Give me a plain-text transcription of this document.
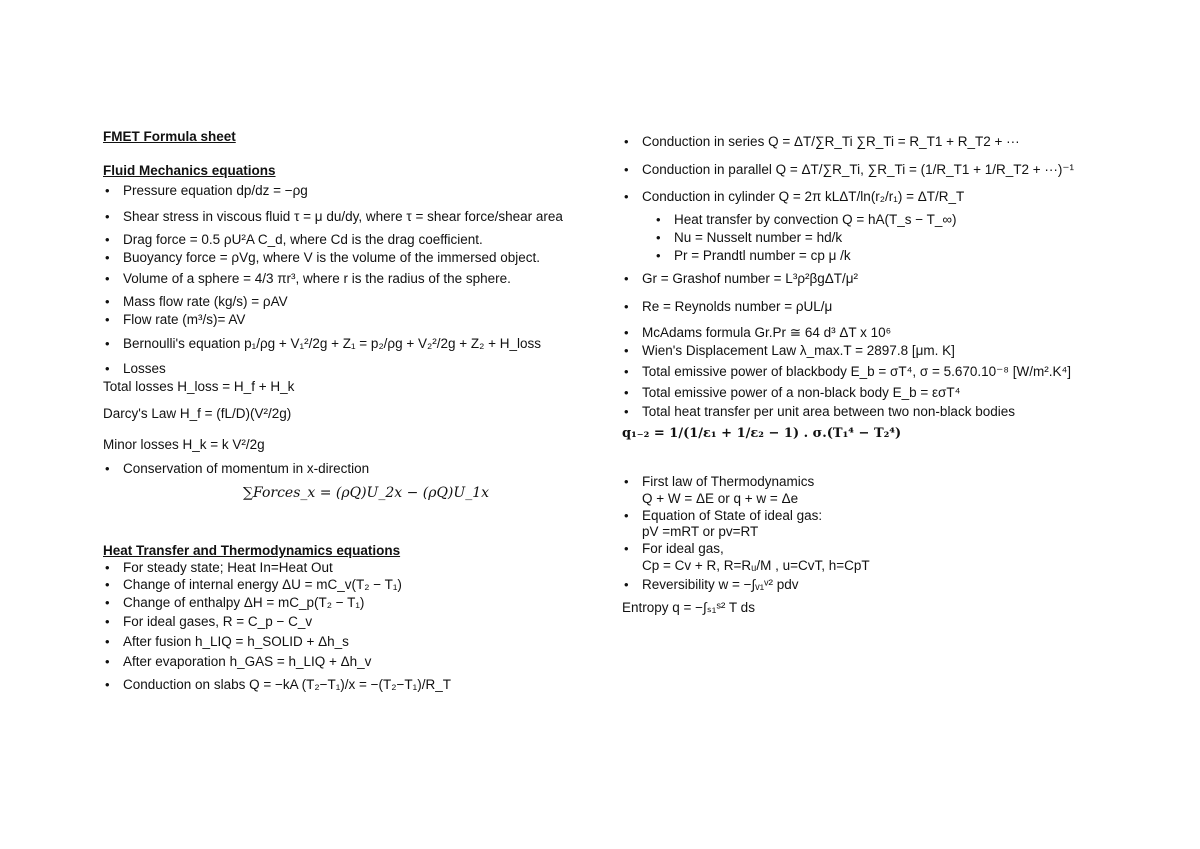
FMET Formula sheet
Fluid Mechanics equations
• Pressure equation dp/dz = −ρg
• Shear stress in viscous fluid τ = μ du/dy, where τ = shear force/shear area
• Drag force = 0.5 ρU²A C_d, where Cd is the drag coefficient.
• Buoyancy force = ρVg, where V is the volume of the immersed object.
• Volume of a sphere = 4/3 πr³, where r is the radius of the sphere.
• Mass flow rate (kg/s) = ρAV
• Flow rate (m³/s)= AV
• Bernoulli's equation p₁/ρg + V₁²/2g + Z₁ = p₂/ρg + V₂²/2g + Z₂ + H_loss
• Losses
Total losses H_loss = H_f + H_k
Darcy's Law H_f = (fL/D)(V²/2g)
Minor losses H_k = k V²/2g
• Conservation of momentum in x-direction
∑Forces_x = (ρQ)U_2x − (ρQ)U_1x
Heat Transfer and Thermodynamics equations
• For steady state; Heat In=Heat Out
• Change of internal energy ΔU = mC_v(T₂ − T₁)
• Change of enthalpy ΔH = mC_p(T₂ − T₁)
• For ideal gases, R = C_p − C_v
• After fusion h_LIQ = h_SOLID + Δh_s
• After evaporation h_GAS = h_LIQ + Δh_v
• Conduction on slabs Q = −kA (T₂−T₁)/x = −(T₂−T₁)/R_T
• Conduction in series Q = ΔT/∑R_Ti ∑R_Ti = R_T1 + R_T2 + ···
• Conduction in parallel Q = ΔT/∑R_Ti, ∑R_Ti = (1/R_T1 + 1/R_T2 + ···)⁻¹
• Conduction in cylinder Q = 2π kLΔT/ln(r₂/r₁) = ΔT/R_T
• Heat transfer by convection Q = hA(T_s − T_∞)
• Nu = Nusselt number = hd/k
• Pr = Prandtl number = cp μ /k
• Gr = Grashof number = L³ρ²βgΔT/μ²
• Re = Reynolds number = ρUL/μ
• McAdams formula Gr.Pr ≅ 64 d³ ΔT x 10⁶
• Wien's Displacement Law λ_max.T = 2897.8 [μm. K]
• Total emissive power of blackbody E_b = σT⁴, σ = 5.670.10⁻⁸ [W/m².K⁴]
• Total emissive power of a non-black body E_b = εσT⁴
• Total heat transfer per unit area between two non-black bodies
q₁₋₂ = 1/(1/ε₁ + 1/ε₂ − 1) . σ.(T₁⁴ − T₂⁴)
• First law of Thermodynamics
Q + W = ΔE or q + w = Δe
• Equation of State of ideal gas:
pV =mRT or pv=RT
• For ideal gas,
Cp = Cv + R, R=Rᵤ/M , u=CvT, h=CpT
• Reversibility w = −∫ᵥ₁ᵛ² pdv
Entropy q = −∫ₛ₁ˢ² T ds
